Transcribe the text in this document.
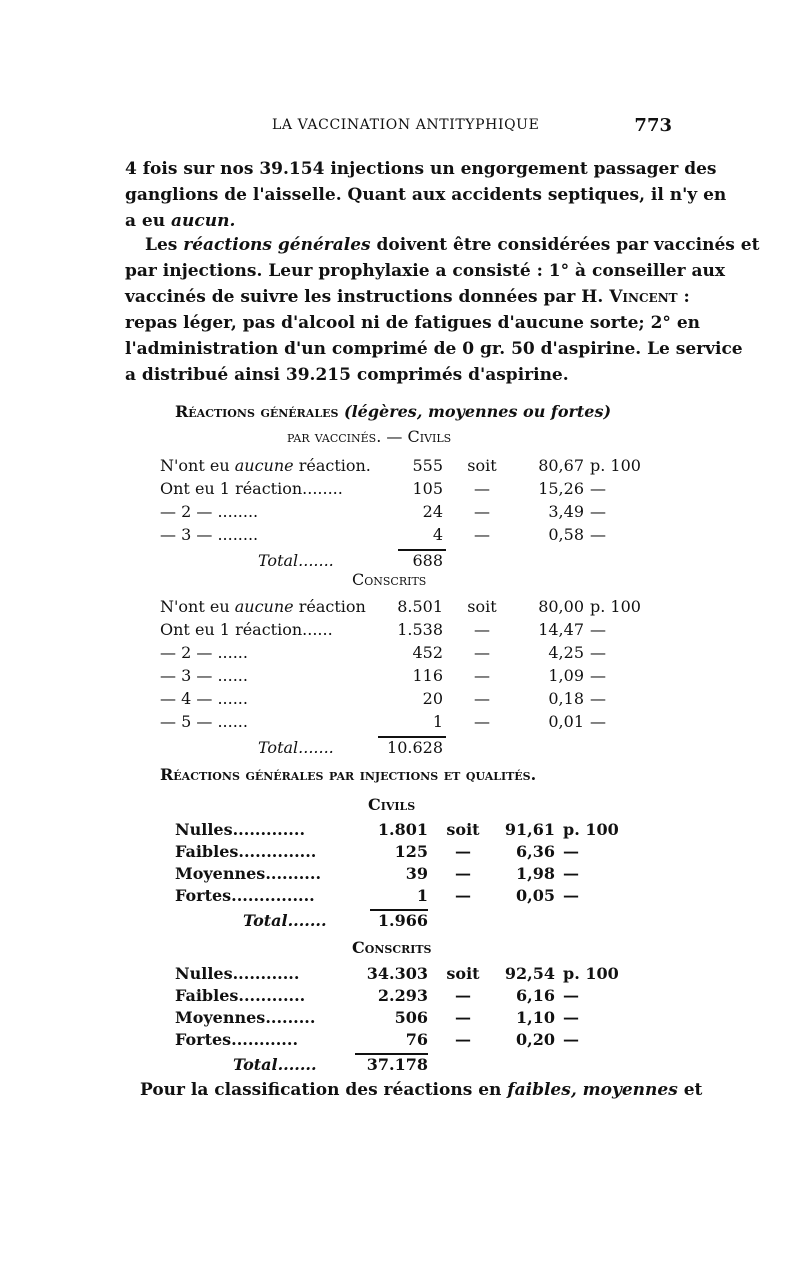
LA VACCINATION ANTITYPHIQUE	773
4 fois sur nos 39.154 injections un engorgement passager des
ganglions de l'aisselle. Quant aux accidents septiques, il n'y en
a eu aucun.
Les réactions générales doivent être considérées par vaccinés et
par injections. Leur prophylaxie a consisté : 1° à conseiller aux
vaccinés de suivre les instructions données par H. Vincent :
repas léger, pas d'alcool ni de fatigues d'aucune sorte; 2° en
l'administration d'un comprimé de 0 gr. 50 d'aspirine. Le service
a distribué ainsi 39.215 comprimés d'aspirine.
Réactions générales (légères, moyennes ou fortes)
par vaccinés. — Civils
N'ont eu aucune réaction.	555	soit	80,67 p. 100
Ont eu 1 réaction........	105	—	15,26 —
— 2 — ........	24	—	3,49 —
— 3 — ........	4	—	0,58 —
Total.......	688
Conscrits
N'ont eu aucune réaction 8.501	soit	80,00 p. 100
Ont eu 1 réaction......	1.538	—	14,47 —
— 2 — ......	452	—	4,25 —
— 3 — ......	116	—	1,09 —
— 4 — ......	20	—	0,18 —
— 5 — ......	1	—	0,01 —
Total.......	10.628
Réactions générales par injections et qualités.
Civils
Nulles.............	1.801 soit 91,61 p. 100
Faibles..............	125	—	6,36 —
Moyennes..........	39	—	1,98 —
Fortes...............	1	—	0,05 —
Total.......	1.966
Conscrits
Nulles............	34.303 soit 92,54 p. 100
Faibles............	2.293	—	6,16 —
Moyennes.........	506	—	1,10 —
Fortes............	76	—	0,20 —
Total.......	37.178
Pour la classification des réactions en faibles, moyennes et
